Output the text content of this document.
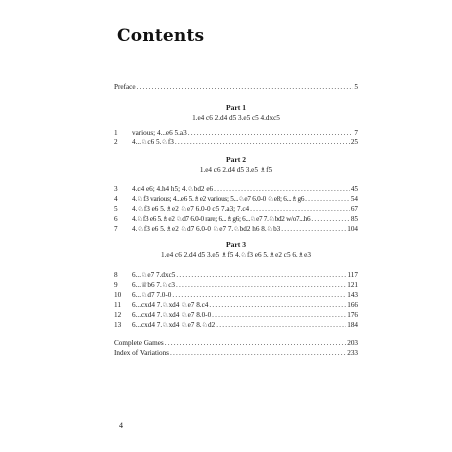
Contents
Preface .....	5
Part 1
1.e4 c6 2.d4 d5 3.e5 c5 4.dxc5
1	various; 4...e6 5.a3 .....	7
2	4...♘c6 5.♘f3 .....	25
Part 2
1.e4 c6 2.d4 d5 3.e5 ♗f5
3	4.c4 e6; 4.h4 h5; 4.♘bd2 e6 .....	45
4	4.♘f3 various; 4...e6 5.♗e2 various; 5...♘e7 6.0-0 ♘e8; 6...♗g6 .....	54
5	4.♘f3 e6 5.♗e2 ♘e7 6.0-0 c5 7.a3; 7.c4 .....	67
6	4.♘f3 e6 5.♗e2 ♘d7 6.0-0 rare; 6...♗g6; 6...♘e7 7.♘bd2 w/o7...h6 .....	85
7	4.♘f3 e6 5.♗e2 ♘d7 6.0-0 ♘e7 7.♘bd2 h6 8.♘b3 .....	104
Part 3
1.e4 c6 2.d4 d5 3.e5 ♗f5 4.♘f3 e6 5.♗e2 c5 6.♗e3
8	6...♘e7 7.dxc5 .....	117
9	6...♕b6 7.♘c3 .....	121
10	6...♘d7 7.0-0 .....	143
11	6...cxd4 7.♘xd4 ♘e7 8.c4 .....	166
12	6...cxd4 7.♘xd4 ♘e7 8.0-0 .....	176
13	6...cxd4 7.♘xd4 ♘e7 8.♘d2 .....	184
Complete Games .....	203
Index of Variations .....	233
4
